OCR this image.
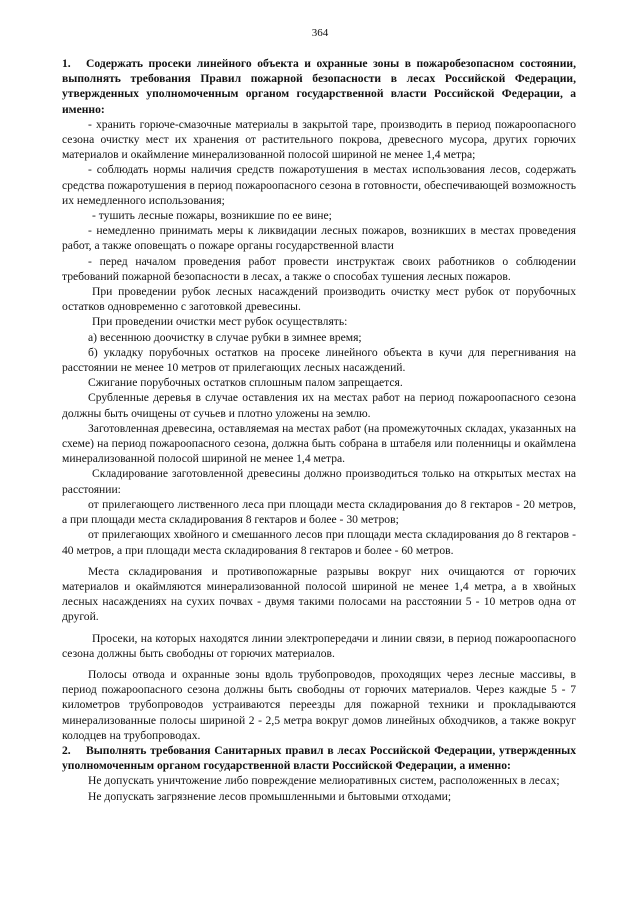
364

1. Содержать просеки линейного объекта и охранные зоны в пожаробезопасном состоянии, выполнять требования Правил пожарной безопасности в лесах Российской Федерации, утвержденных уполномоченным органом государственной власти Российской Федерации, а именно:

- хранить горюче-смазочные материалы в закрытой таре, производить в период пожароопасного сезона очистку мест их хранения от растительного покрова, древесного мусора, других горючих материалов и окаймление минерализованной полосой шириной не менее 1,4 метра;

- соблюдать нормы наличия средств пожаротушения в местах использования лесов, содержать средства пожаротушения в период пожароопасного сезона в готовности, обеспечивающей возможность их немедленного использования;

- тушить лесные пожары, возникшие по ее вине;

- немедленно принимать меры к ликвидации лесных пожаров, возникших в местах проведения работ, а также оповещать о пожаре органы государственной власти

- перед началом проведения работ провести инструктаж своих работников о соблюдении требований пожарной безопасности в лесах, а также о способах тушения лесных пожаров.

При проведении рубок лесных насаждений производить очистку мест рубок от порубочных остатков одновременно с заготовкой древесины.

При проведении очистки мест рубок осуществлять:

а) весеннюю доочистку в случае рубки в зимнее время;

б) укладку порубочных остатков на просеке линейного объекта в кучи для перегнивания на расстоянии не менее 10 метров от прилегающих лесных насаждений.

Сжигание порубочных остатков сплошным палом запрещается.

Срубленные деревья в случае оставления их на местах работ на период пожароопасного сезона должны быть очищены от сучьев и плотно уложены на землю.

Заготовленная древесина, оставляемая на местах работ (на промежуточных складах, указанных на схеме) на период пожароопасного сезона, должна быть собрана в штабеля или поленницы и окаймлена минерализованной полосой шириной не менее 1,4 метра.

Складирование заготовленной древесины должно производиться только на открытых местах на расстоянии:

от прилегающего лиственного леса при площади места складирования до 8 гектаров - 20 метров, а при площади места складирования 8 гектаров и более - 30 метров;

от прилегающих хвойного и смешанного лесов при площади места складирования до 8 гектаров - 40 метров, а при площади места складирования 8 гектаров и более - 60 метров.

Места складирования и противопожарные разрывы вокруг них очищаются от горючих материалов и окаймляются минерализованной полосой шириной не менее 1,4 метра, а в хвойных лесных насаждениях на сухих почвах - двумя такими полосами на расстоянии 5 - 10 метров одна от другой.

Просеки, на которых находятся линии электропередачи и линии связи, в период пожароопасного сезона должны быть свободны от горючих материалов.

Полосы отвода и охранные зоны вдоль трубопроводов, проходящих через лесные массивы, в период пожароопасного сезона должны быть свободны от горючих материалов. Через каждые 5 - 7 километров трубопроводов устраиваются переезды для пожарной техники и прокладываются минерализованные полосы шириной 2 - 2,5 метра вокруг домов линейных обходчиков, а также вокруг колодцев на трубопроводах.

2. Выполнять требования Санитарных правил в лесах Российской Федерации, утвержденных уполномоченным органом государственной власти Российской Федерации, а именно:

Не допускать уничтожение либо повреждение мелиоративных систем, расположенных в лесах;

Не допускать загрязнение лесов промышленными и бытовыми отходами;
